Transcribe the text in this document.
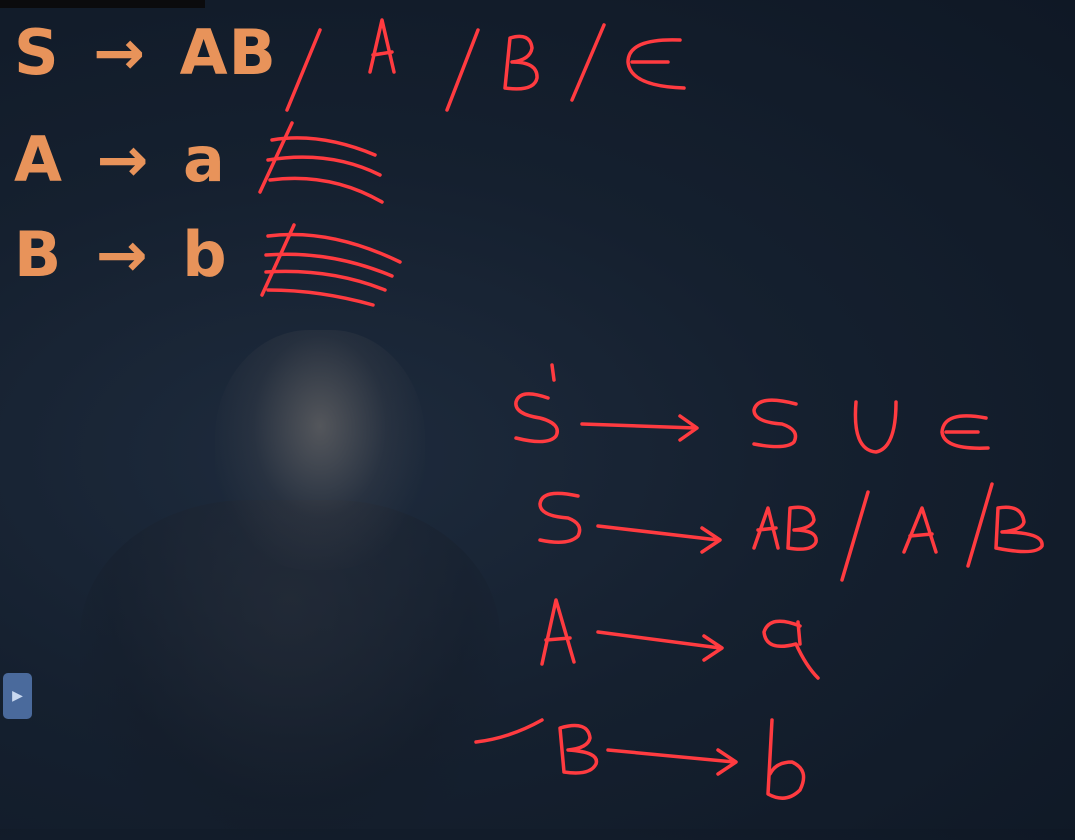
S → AB
A → a
B → b
▶
